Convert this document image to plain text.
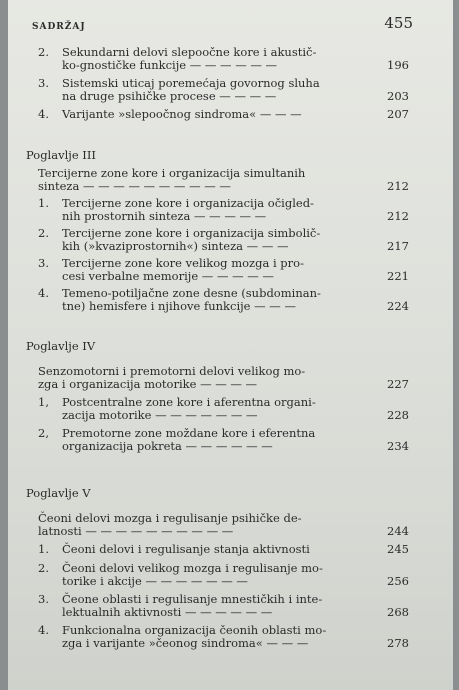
SADRŽAJ	455
2.	Sekundarni delovi slepoočne kore i akustič-
ko-gnostičke funkcije — — — — — —	196
3.	Sistemski uticaj poremećaja govornog sluha
na druge psihičke procese — — — —	203
4.	Varijante »slepoočnog sindroma« — — —	207
Poglavlje III
Tercijerne zone kore i organizacija simultanih
sinteza — — — — — — — — — —	212
1.	Tercijerne zone kore i organizacija očigled-
nih prostornih sinteza — — — — —	212
2.	Tercijerne zone kore i organizacija simbolič-
kih (»kvaziprostornih«) sinteza — — —	217
3.	Tercijerne zone kore velikog mozga i pro-
cesi verbalne memorije — — — — —	221
4.	Temeno-potiljačne zone desne (subdominan-
tne) hemisfere i njihove funkcije — — —	224
Poglavlje IV
Senzomotorni i premotorni delovi velikog mo-
zga i organizacija motorike — — — —	227
1,	Postcentralne zone kore i aferentna organi-
zacija motorike — — — — — — —	228
2,	Premotorne zone moždane kore i eferentna
organizacija pokreta — — — — — —	234
Poglavlje V
Čeoni delovi mozga i regulisanje psihičke de-
latnosti — — — — — — — — — —	244
1.	Čeoni delovi i regulisanje stanja aktivnosti	245
2.	Čeoni delovi velikog mozga i regulisanje mo-
torike i akcije — — — — — — —	256
3.	Čeone oblasti i regulisanje mnestičkih i inte-
lektualnih aktivnosti — — — — — —	268
4.	Funkcionalna organizacija čeonih oblasti mo-
zga i varijante »čeonog sindroma« — — —	278
